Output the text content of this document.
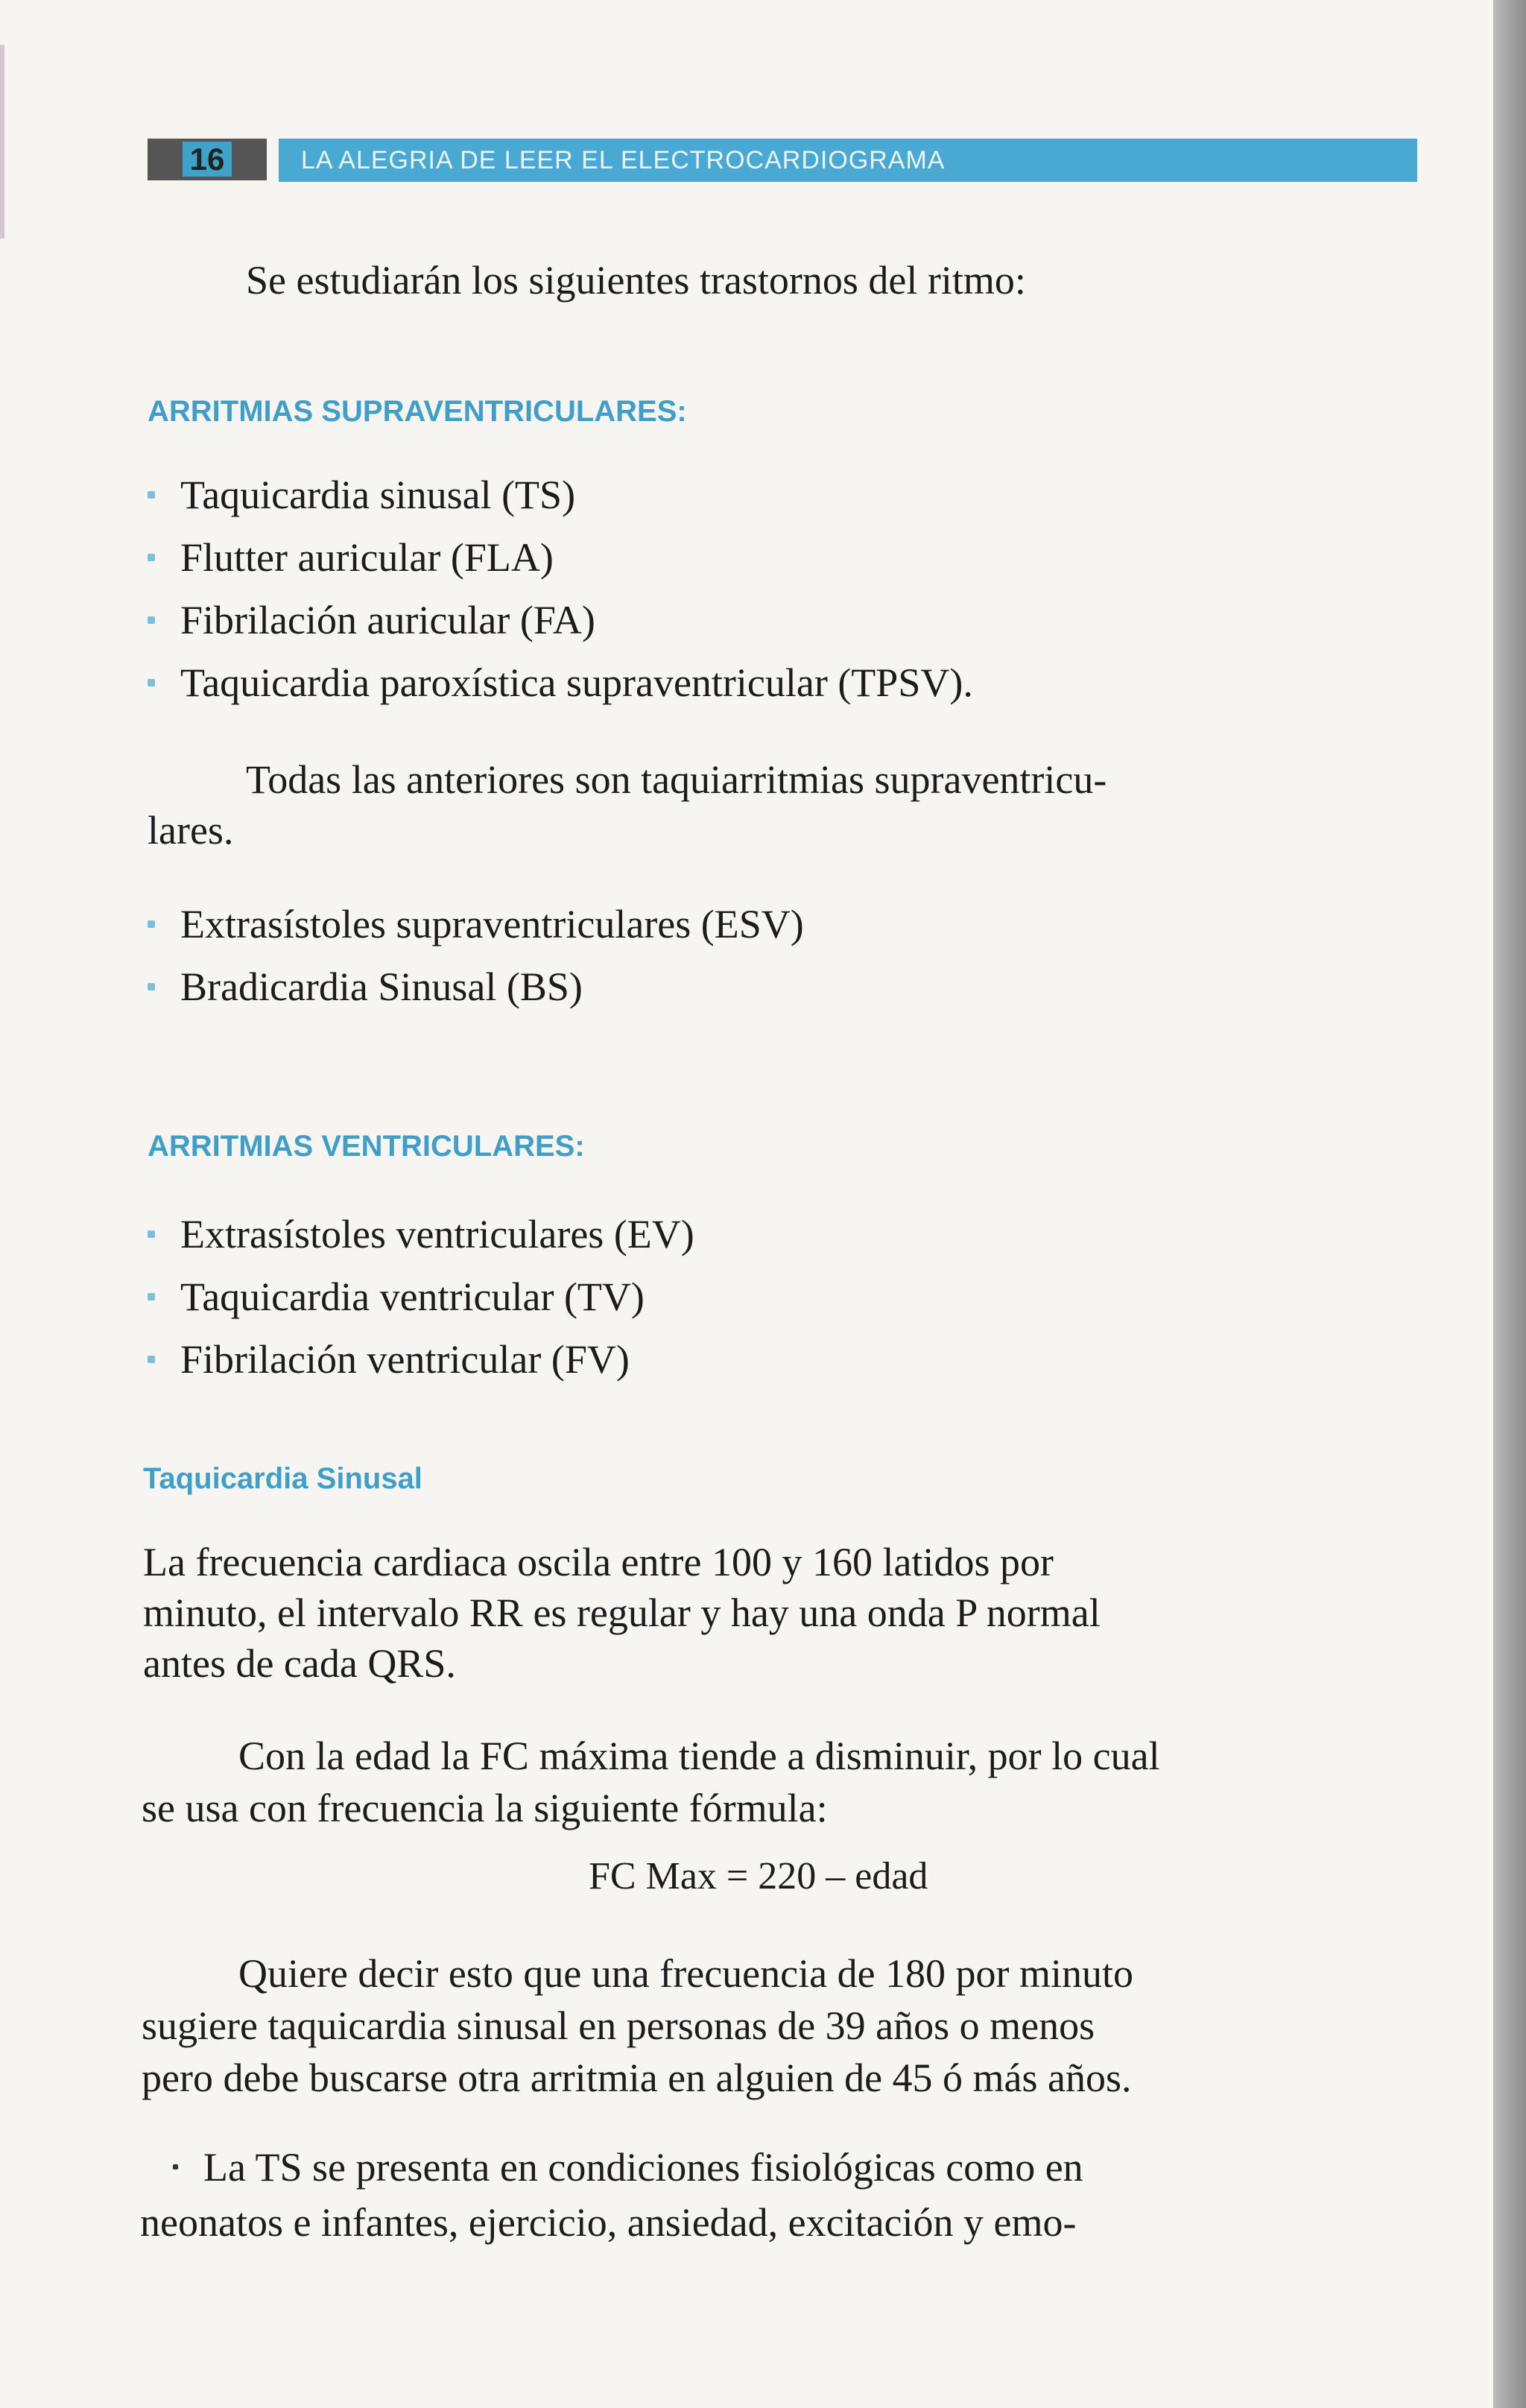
16	LA ALEGRIA DE LEER EL ELECTROCARDIOGRAMA
Se estudiarán los siguientes trastornos del ritmo:
ARRITMIAS SUPRAVENTRICULARES:
Taquicardia sinusal (TS)
Flutter auricular (FLA)
Fibrilación auricular (FA)
Taquicardia paroxística supraventricular (TPSV).
Todas las anteriores son taquiarritmias supraventricu-
lares.
Extrasístoles supraventriculares (ESV)
Bradicardia Sinusal (BS)
ARRITMIAS VENTRICULARES:
Extrasístoles ventriculares (EV)
Taquicardia ventricular (TV)
Fibrilación ventricular (FV)
Taquicardia Sinusal
La frecuencia cardiaca oscila entre 100 y 160 latidos por
minuto, el intervalo RR es regular y hay una onda P normal
antes de cada QRS.
Con la edad la FC máxima tiende a disminuir, por lo cual
se usa con frecuencia la siguiente fórmula:
FC Max = 220 – edad
Quiere decir esto que una frecuencia de 180 por minuto
sugiere taquicardia sinusal en personas de 39 años o menos
pero debe buscarse otra arritmia en alguien de 45 ó más años.
La TS se presenta en condiciones fisiológicas como en
neonatos e infantes, ejercicio, ansiedad, excitación y emo-
